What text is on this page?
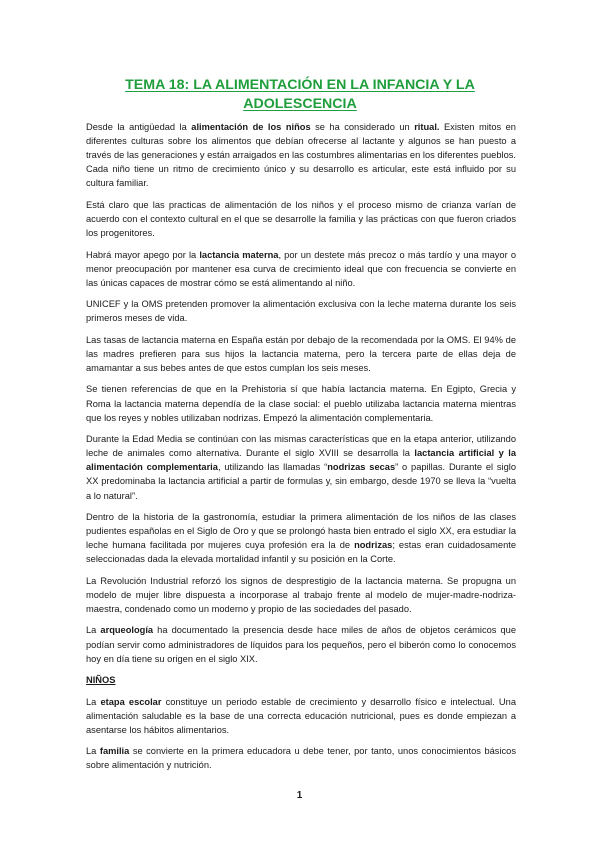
TEMA 18: LA ALIMENTACIÓN EN LA INFANCIA Y LA ADOLESCENCIA

Desde la antigüedad la alimentación de los niños se ha considerado un ritual. Existen mitos en diferentes culturas sobre los alimentos que debían ofrecerse al lactante y algunos se han puesto a través de las generaciones y están arraigados en las costumbres alimentarias en los diferentes pueblos. Cada niño tiene un ritmo de crecimiento único y su desarrollo es articular, este está influido por su cultura familiar.

Está claro que las practicas de alimentación de los niños y el proceso mismo de crianza varían de acuerdo con el contexto cultural en el que se desarrolle la familia y las prácticas con que fueron criados los progenitores.

Habrá mayor apego por la lactancia materna, por un destete más precoz o más tardío y una mayor o menor preocupación por mantener esa curva de crecimiento ideal que con frecuencia se convierte en las únicas capaces de mostrar cómo se está alimentando al niño.

UNICEF y la OMS pretenden promover la alimentación exclusiva con la leche materna durante los seis primeros meses de vida.

Las tasas de lactancia materna en España están por debajo de la recomendada por la OMS. El 94% de las madres prefieren para sus hijos la lactancia materna, pero la tercera parte de ellas deja de amamantar a sus bebes antes de que estos cumplan los seis meses.

Se tienen referencias de que en la Prehistoria sí que había lactancia materna. En Egipto, Grecia y Roma la lactancia materna dependía de la clase social: el pueblo utilizaba lactancia materna mientras que los reyes y nobles utilizaban nodrizas. Empezó la alimentación complementaria.

Durante la Edad Media se continúan con las mismas características que en la etapa anterior, utilizando leche de animales como alternativa. Durante el siglo XVIII se desarrolla la lactancia artificial y la alimentación complementaria, utilizando las llamadas “nodrizas secas” o papillas. Durante el siglo XX predominaba la lactancia artificial a partir de formulas y, sin embargo, desde 1970 se lleva la “vuelta a lo natural”.

Dentro de la historia de la gastronomía, estudiar la primera alimentación de los niños de las clases pudientes españolas en el Siglo de Oro y que se prolongó hasta bien entrado el siglo XX, era estudiar la leche humana facilitada por mujeres cuya profesión era la de nodrizas; estas eran cuidadosamente seleccionadas dada la elevada mortalidad infantil y su posición en la Corte.

La Revolución Industrial reforzó los signos de desprestigio de la lactancia materna. Se propugna un modelo de mujer libre dispuesta a incorporase al trabajo frente al modelo de mujer-madre-nodriza-maestra, condenado como un moderno y propio de las sociedades del pasado.

La arqueología ha documentado la presencia desde hace miles de años de objetos cerámicos que podían servir como administradores de líquidos para los pequeños, pero el biberón como lo conocemos hoy en día tiene su origen en el siglo XIX.

NIÑOS

La etapa escolar constituye un periodo estable de crecimiento y desarrollo físico e intelectual. Una alimentación saludable es la base de una correcta educación nutricional, pues es donde empiezan a asentarse los hábitos alimentarios.

La familia se convierte en la primera educadora u debe tener, por tanto, unos conocimientos básicos sobre alimentación y nutrición.

1
